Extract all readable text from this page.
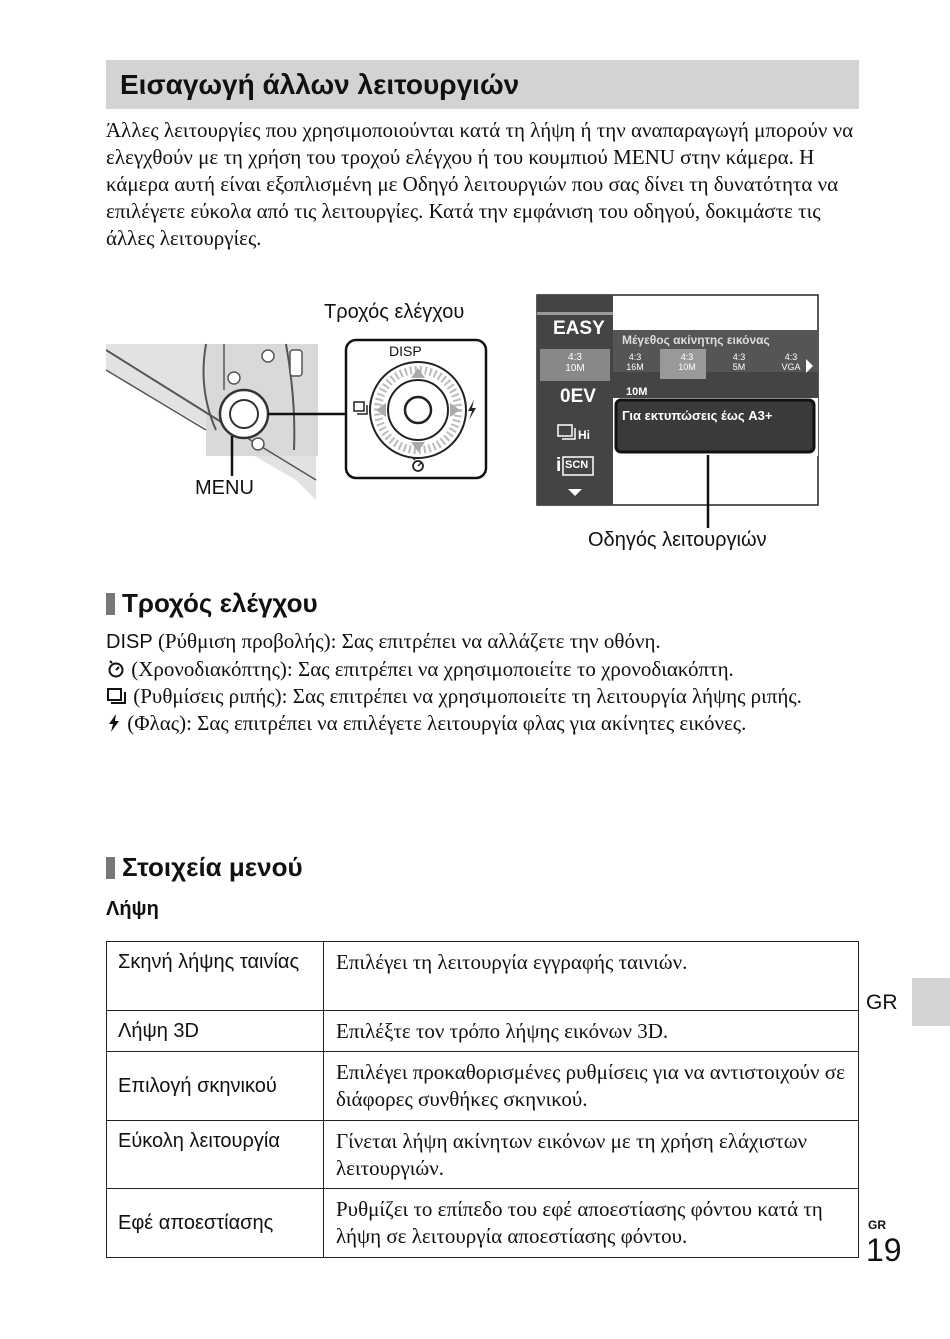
Εισαγωγή άλλων λειτουργιών

Άλλες λειτουργίες που χρησιμοποιούνται κατά τη λήψη ή την αναπαραγωγή μπορούν να ελεγχθούν με τη χρήση του τροχού ελέγχου ή του κουμπιού MENU στην κάμερα. Η κάμερα αυτή είναι εξοπλισμένη με Οδηγό λειτουργιών που σας δίνει τη δυνατότητα να επιλέγετε εύκολα από τις λειτουργίες. Κατά την εμφάνιση του οδηγού, δοκιμάστε τις άλλες λειτουργίες.

Τροχός ελέγχου
DISP
MENU
EASY
Μέγεθος ακίνητης εικόνας
4:3
10M
4:3
16M
4:3
10M
4:3
5M
4:3
VGA
10M
0EV
Για εκτυπώσεις έως A3+
Hi
i SCN
Οδηγός λειτουργιών
Τροχός ελέγχου

DISP (Ρύθμιση προβολής): Σας επιτρέπει να αλλάζετε την οθόνη.
(Χρονοδιακόπτης): Σας επιτρέπει να χρησιμοποιείτε το χρονοδιακόπτη.
(Ρυθμίσεις ριπής): Σας επιτρέπει να χρησιμοποιείτε τη λειτουργία λήψης ριπής.
(Φλας): Σας επιτρέπει να επιλέγετε λειτουργία φλας για ακίνητες εικόνες.

Στοιχεία μενού
Λήψη
Σκηνή λήψης ταινίας	Επιλέγει τη λειτουργία εγγραφής ταινιών.
Λήψη 3D	Επιλέξτε τον τρόπο λήψης εικόνων 3D.
Επιλογή σκηνικού	Επιλέγει προκαθορισμένες ρυθμίσεις για να αντιστοιχούν σε διάφορες συνθήκες σκηνικού.
Εύκολη λειτουργία	Γίνεται λήψη ακίνητων εικόνων με τη χρήση ελάχιστων λειτουργιών.
Εφέ αποεστίασης	Ρυθμίζει το επίπεδο του εφέ αποεστίασης φόντου κατά τη λήψη σε λειτουργία αποεστίασης φόντου.
GR
GR
19
